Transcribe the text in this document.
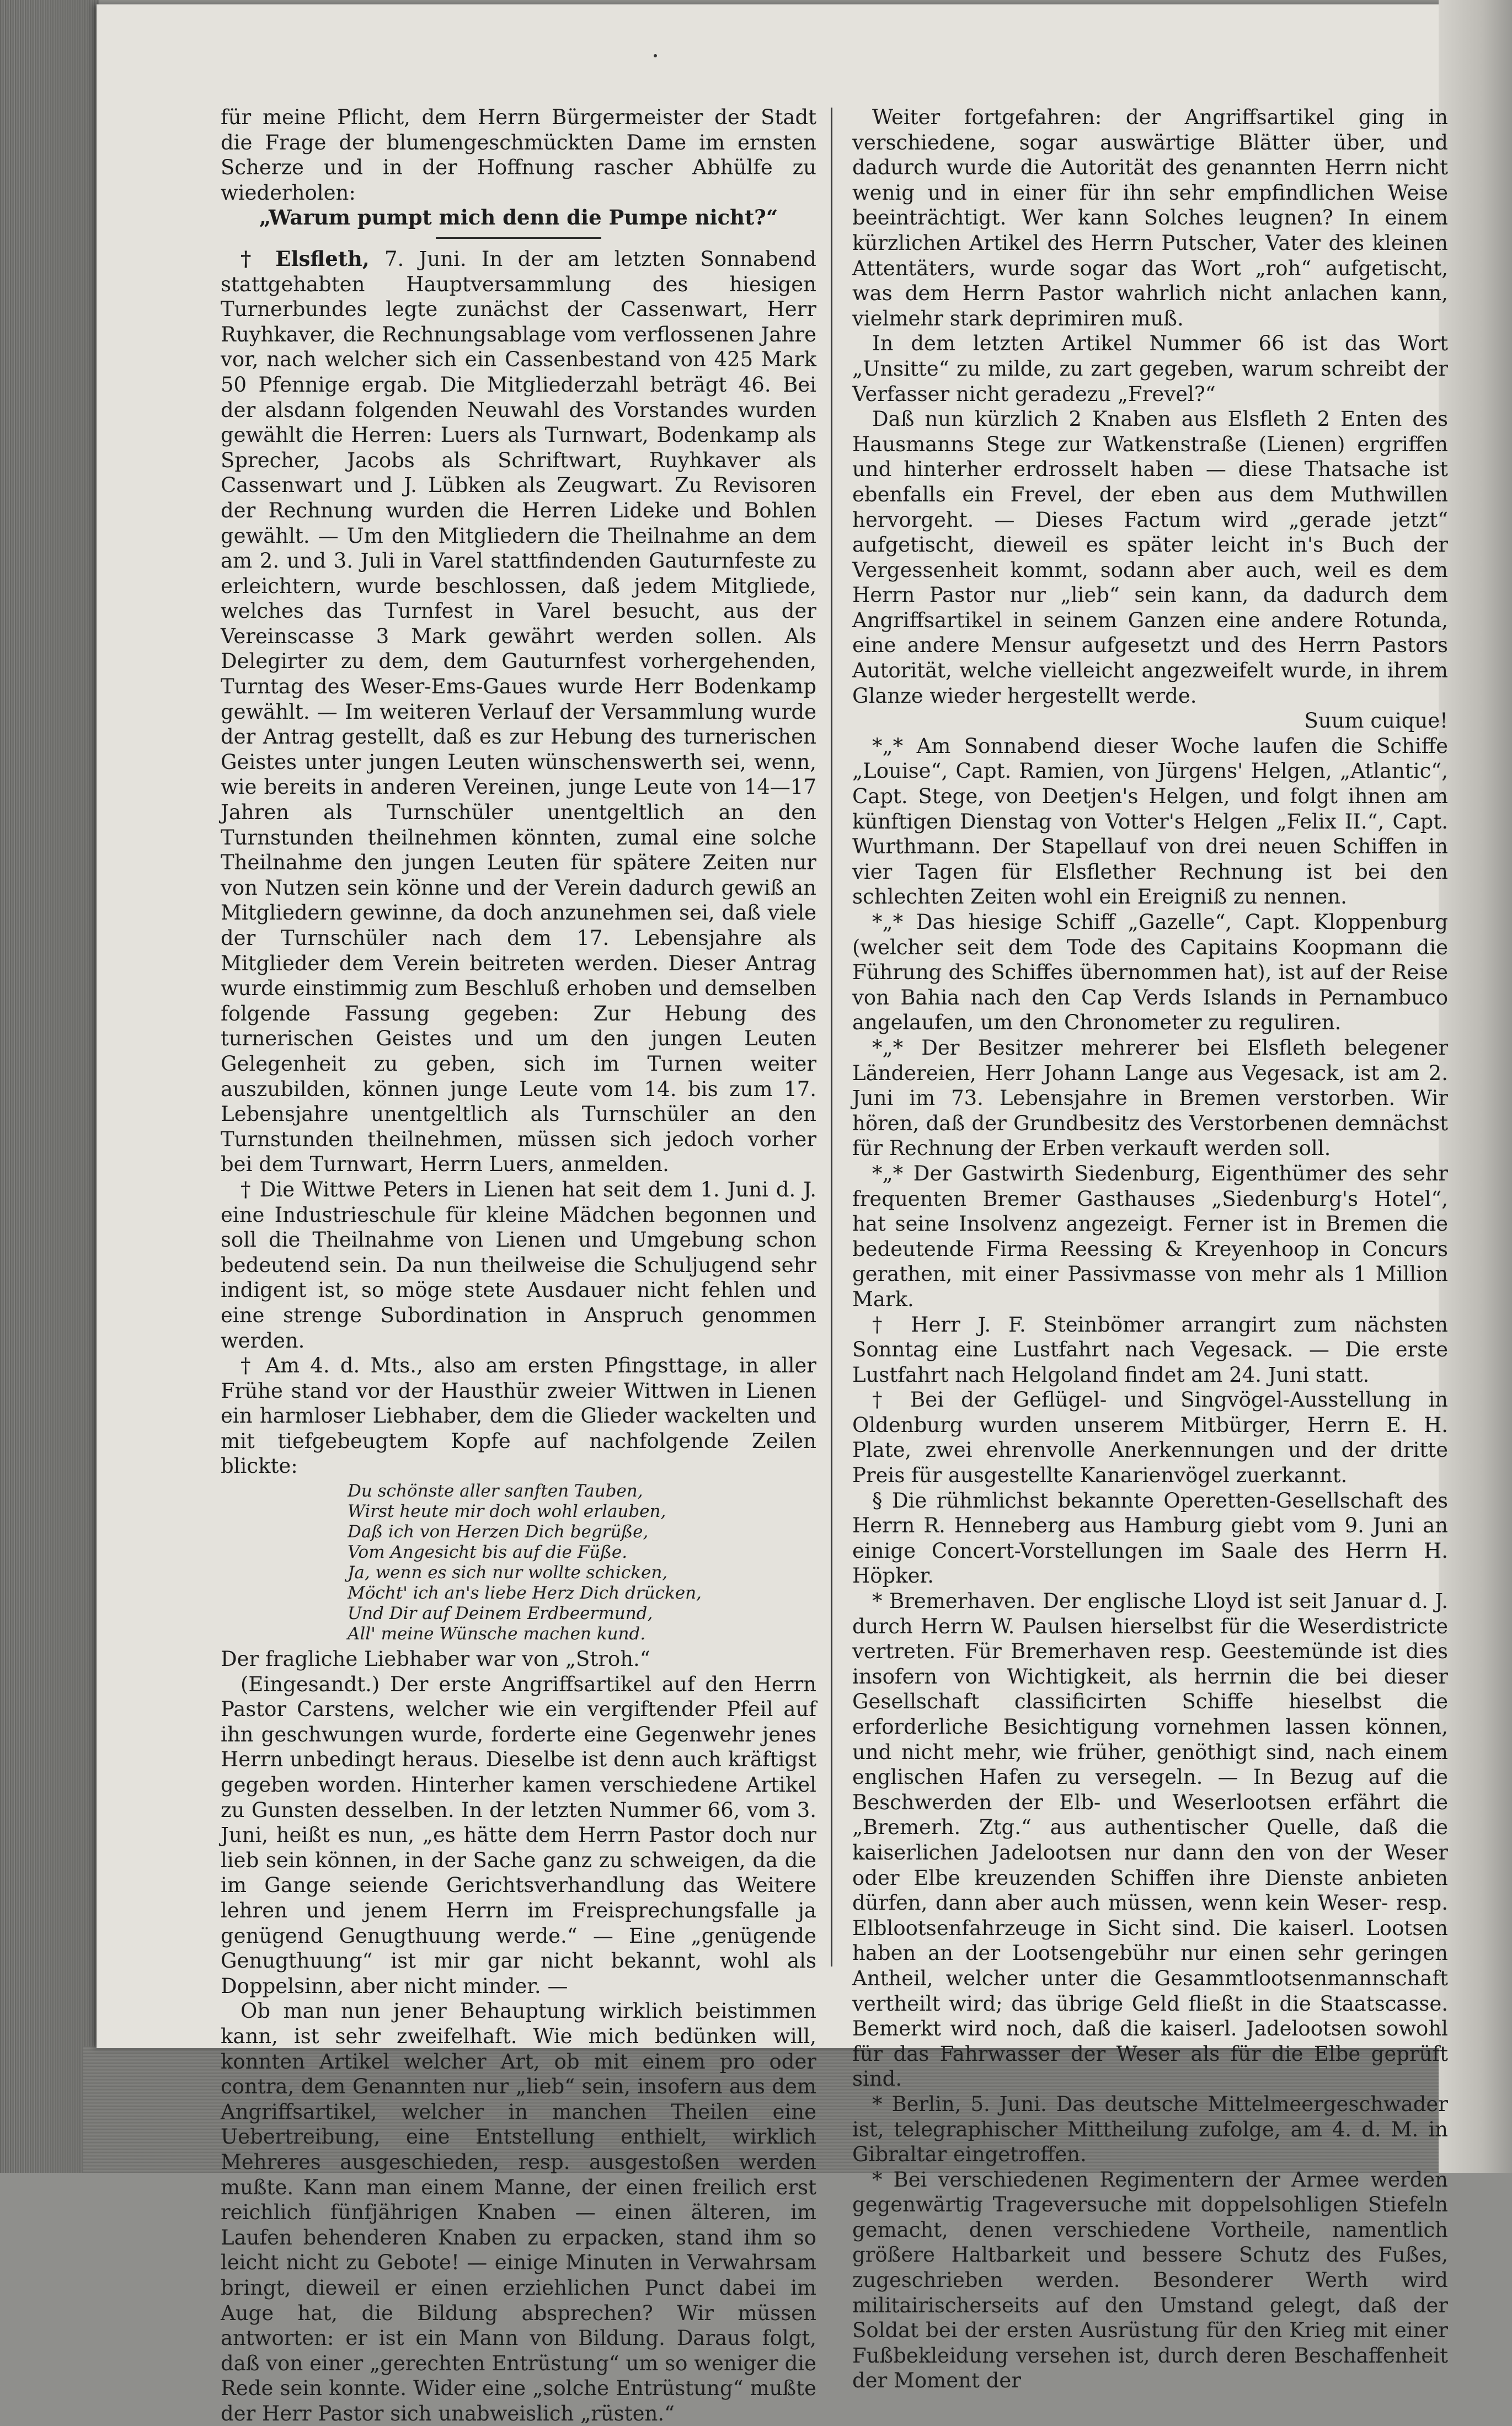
für meine Pflicht, dem Herrn Bürgermeister der Stadt die Frage der blumengeschmückten Dame im ernsten Scherze und in der Hoffnung rascher Abhülfe zu wiederholen:

„Warum pumpt mich denn die Pumpe nicht?“

† Elsfleth, 7. Juni. In der am letzten Sonnabend stattgehabten Hauptversammlung des hiesigen Turnerbundes legte zunächst der Cassenwart, Herr Ruyhkaver, die Rechnungsablage vom verflossenen Jahre vor, nach welcher sich ein Cassenbestand von 425 Mark 50 Pfennige ergab. Die Mitgliederzahl beträgt 46. Bei der alsdann folgenden Neuwahl des Vorstandes wurden gewählt die Herren: Luers als Turnwart, Bodenkamp als Sprecher, Jacobs als Schriftwart, Ruyhkaver als Cassenwart und J. Lübken als Zeugwart. Zu Revisoren der Rechnung wurden die Herren Lideke und Bohlen gewählt. — Um den Mitgliedern die Theilnahme an dem am 2. und 3. Juli in Varel stattfindenden Gauturnfeste zu erleichtern, wurde beschlossen, daß jedem Mitgliede, welches das Turnfest in Varel besucht, aus der Vereinscasse 3 Mark gewährt werden sollen. Als Delegirter zu dem, dem Gauturnfest vorhergehenden, Turntag des Weser-Ems-Gaues wurde Herr Bodenkamp gewählt. — Im weiteren Verlauf der Versammlung wurde der Antrag gestellt, daß es zur Hebung des turnerischen Geistes unter jungen Leuten wünschenswerth sei, wenn, wie bereits in anderen Vereinen, junge Leute von 14—17 Jahren als Turnschüler unentgeltlich an den Turnstunden theilnehmen könnten, zumal eine solche Theilnahme den jungen Leuten für spätere Zeiten nur von Nutzen sein könne und der Verein dadurch gewiß an Mitgliedern gewinne, da doch anzunehmen sei, daß viele der Turnschüler nach dem 17. Lebensjahre als Mitglieder dem Verein beitreten werden. Dieser Antrag wurde einstimmig zum Beschluß erhoben und demselben folgende Fassung gegeben: Zur Hebung des turnerischen Geistes und um den jungen Leuten Gelegenheit zu geben, sich im Turnen weiter auszubilden, können junge Leute vom 14. bis zum 17. Lebensjahre unentgeltlich als Turnschüler an den Turnstunden theilnehmen, müssen sich jedoch vorher bei dem Turnwart, Herrn Luers, anmelden.

† Die Wittwe Peters in Lienen hat seit dem 1. Juni d. J. eine Industrieschule für kleine Mädchen begonnen und soll die Theilnahme von Lienen und Umgebung schon bedeutend sein. Da nun theilweise die Schuljugend sehr indigent ist, so möge stete Ausdauer nicht fehlen und eine strenge Subordination in Anspruch genommen werden.

† Am 4. d. Mts., also am ersten Pfingsttage, in aller Frühe stand vor der Hausthür zweier Wittwen in Lienen ein harmloser Liebhaber, dem die Glieder wackelten und mit tiefgebeugtem Kopfe auf nachfolgende Zeilen blickte:

Du schönste aller sanften Tauben,
Wirst heute mir doch wohl erlauben,
Daß ich von Herzen Dich begrüße,
Vom Angesicht bis auf die Füße.
Ja, wenn es sich nur wollte schicken,
Möcht' ich an's liebe Herz Dich drücken,
Und Dir auf Deinem Erdbeermund,
All' meine Wünsche machen kund.

Der fragliche Liebhaber war von „Stroh.“

(Eingesandt.) Der erste Angriffsartikel auf den Herrn Pastor Carstens, welcher wie ein vergiftender Pfeil auf ihn geschwungen wurde, forderte eine Gegenwehr jenes Herrn unbedingt heraus. Dieselbe ist denn auch kräftigst gegeben worden. Hinterher kamen verschiedene Artikel zu Gunsten desselben. In der letzten Nummer 66, vom 3. Juni, heißt es nun, „es hätte dem Herrn Pastor doch nur lieb sein können, in der Sache ganz zu schweigen, da die im Gange seiende Gerichtsverhandlung das Weitere lehren und jenem Herrn im Freisprechungsfalle ja genügend Genugthuung werde.“ — Eine „genügende Genugthuung“ ist mir gar nicht bekannt, wohl als Doppelsinn, aber nicht minder. —

Ob man nun jener Behauptung wirklich beistimmen kann, ist sehr zweifelhaft. Wie mich bedünken will, konnten Artikel welcher Art, ob mit einem pro oder contra, dem Genannten nur „lieb“ sein, insofern aus dem Angriffsartikel, welcher in manchen Theilen eine Uebertreibung, eine Entstellung enthielt, wirklich Mehreres ausgeschieden, resp. ausgestoßen werden mußte. Kann man einem Manne, der einen freilich erst reichlich fünfjährigen Knaben — einen älteren, im Laufen behenderen Knaben zu erpacken, stand ihm so leicht nicht zu Gebote! — einige Minuten in Verwahrsam bringt, dieweil er einen erziehlichen Punct dabei im Auge hat, die Bildung absprechen? Wir müssen antworten: er ist ein Mann von Bildung. Daraus folgt, daß von einer „gerechten Entrüstung“ um so weniger die Rede sein konnte. Wider eine „solche Entrüstung“ mußte der Herr Pastor sich unabweislich „rüsten.“

Weiter fortgefahren: der Angriffsartikel ging in verschiedene, sogar auswärtige Blätter über, und dadurch wurde die Autorität des genannten Herrn nicht wenig und in einer für ihn sehr empfindlichen Weise beeinträchtigt. Wer kann Solches leugnen? In einem kürzlichen Artikel des Herrn Putscher, Vater des kleinen Attentäters, wurde sogar das Wort „roh“ aufgetischt, was dem Herrn Pastor wahrlich nicht anlachen kann, vielmehr stark deprimiren muß.

In dem letzten Artikel Nummer 66 ist das Wort „Unsitte“ zu milde, zu zart gegeben, warum schreibt der Verfasser nicht geradezu „Frevel?“

Daß nun kürzlich 2 Knaben aus Elsfleth 2 Enten des Hausmanns Stege zur Watkenstraße (Lienen) ergriffen und hinterher erdrosselt haben — diese Thatsache ist ebenfalls ein Frevel, der eben aus dem Muthwillen hervorgeht. — Dieses Factum wird „gerade jetzt“ aufgetischt, dieweil es später leicht in's Buch der Vergessenheit kommt, sodann aber auch, weil es dem Herrn Pastor nur „lieb“ sein kann, da dadurch dem Angriffsartikel in seinem Ganzen eine andere Rotunda, eine andere Mensur aufgesetzt und des Herrn Pastors Autorität, welche vielleicht angezweifelt wurde, in ihrem Glanze wieder hergestellt werde.

Suum cuique!

*„* Am Sonnabend dieser Woche laufen die Schiffe „Louise“, Capt. Ramien, von Jürgens' Helgen, „Atlantic“, Capt. Stege, von Deetjen's Helgen, und folgt ihnen am künftigen Dienstag von Votter's Helgen „Felix II.“, Capt. Wurthmann. Der Stapellauf von drei neuen Schiffen in vier Tagen für Elsflether Rechnung ist bei den schlechten Zeiten wohl ein Ereigniß zu nennen.

*„* Das hiesige Schiff „Gazelle“, Capt. Kloppenburg (welcher seit dem Tode des Capitains Koopmann die Führung des Schiffes übernommen hat), ist auf der Reise von Bahia nach den Cap Verds Islands in Pernambuco angelaufen, um den Chronometer zu reguliren.

*„* Der Besitzer mehrerer bei Elsfleth belegener Ländereien, Herr Johann Lange aus Vegesack, ist am 2. Juni im 73. Lebensjahre in Bremen verstorben. Wir hören, daß der Grundbesitz des Verstorbenen demnächst für Rechnung der Erben verkauft werden soll.

*„* Der Gastwirth Siedenburg, Eigenthümer des sehr frequenten Bremer Gasthauses „Siedenburg's Hotel“, hat seine Insolvenz angezeigt. Ferner ist in Bremen die bedeutende Firma Reessing & Kreyenhoop in Concurs gerathen, mit einer Passivmasse von mehr als 1 Million Mark.

† Herr J. F. Steinbömer arrangirt zum nächsten Sonntag eine Lustfahrt nach Vegesack. — Die erste Lustfahrt nach Helgoland findet am 24. Juni statt.

† Bei der Geflügel- und Singvögel-Ausstellung in Oldenburg wurden unserem Mitbürger, Herrn E. H. Plate, zwei ehrenvolle Anerkennungen und der dritte Preis für ausgestellte Kanarienvögel zuerkannt.

§ Die rühmlichst bekannte Operetten-Gesellschaft des Herrn R. Henneberg aus Hamburg giebt vom 9. Juni an einige Concert-Vorstellungen im Saale des Herrn H. Höpker.

* Bremerhaven. Der englische Lloyd ist seit Januar d. J. durch Herrn W. Paulsen hierselbst für die Weserdistricte vertreten. Für Bremerhaven resp. Geestemünde ist dies insofern von Wichtigkeit, als herrnin die bei dieser Gesellschaft classificirten Schiffe hieselbst die erforderliche Besichtigung vornehmen lassen können, und nicht mehr, wie früher, genöthigt sind, nach einem englischen Hafen zu versegeln. — In Bezug auf die Beschwerden der Elb- und Weserlootsen erfährt die „Bremerh. Ztg.“ aus authentischer Quelle, daß die kaiserlichen Jadelootsen nur dann den von der Weser oder Elbe kreuzenden Schiffen ihre Dienste anbieten dürfen, dann aber auch müssen, wenn kein Weser- resp. Elblootsenfahrzeuge in Sicht sind. Die kaiserl. Lootsen haben an der Lootsengebühr nur einen sehr geringen Antheil, welcher unter die Gesammtlootsenmannschaft vertheilt wird; das übrige Geld fließt in die Staatscasse. Bemerkt wird noch, daß die kaiserl. Jadelootsen sowohl für das Fahrwasser der Weser als für die Elbe geprüft sind.

* Berlin, 5. Juni. Das deutsche Mittelmeergeschwader ist, telegraphischer Mittheilung zufolge, am 4. d. M. in Gibraltar eingetroffen.

* Bei verschiedenen Regimentern der Armee werden gegenwärtig Trageversuche mit doppelsohligen Stiefeln gemacht, denen verschiedene Vortheile, namentlich größere Haltbarkeit und bessere Schutz des Fußes, zugeschrieben werden. Besonderer Werth wird militairischerseits auf den Umstand gelegt, daß der Soldat bei der ersten Ausrüstung für den Krieg mit einer Fußbekleidung versehen ist, durch deren Beschaffenheit der Moment der
